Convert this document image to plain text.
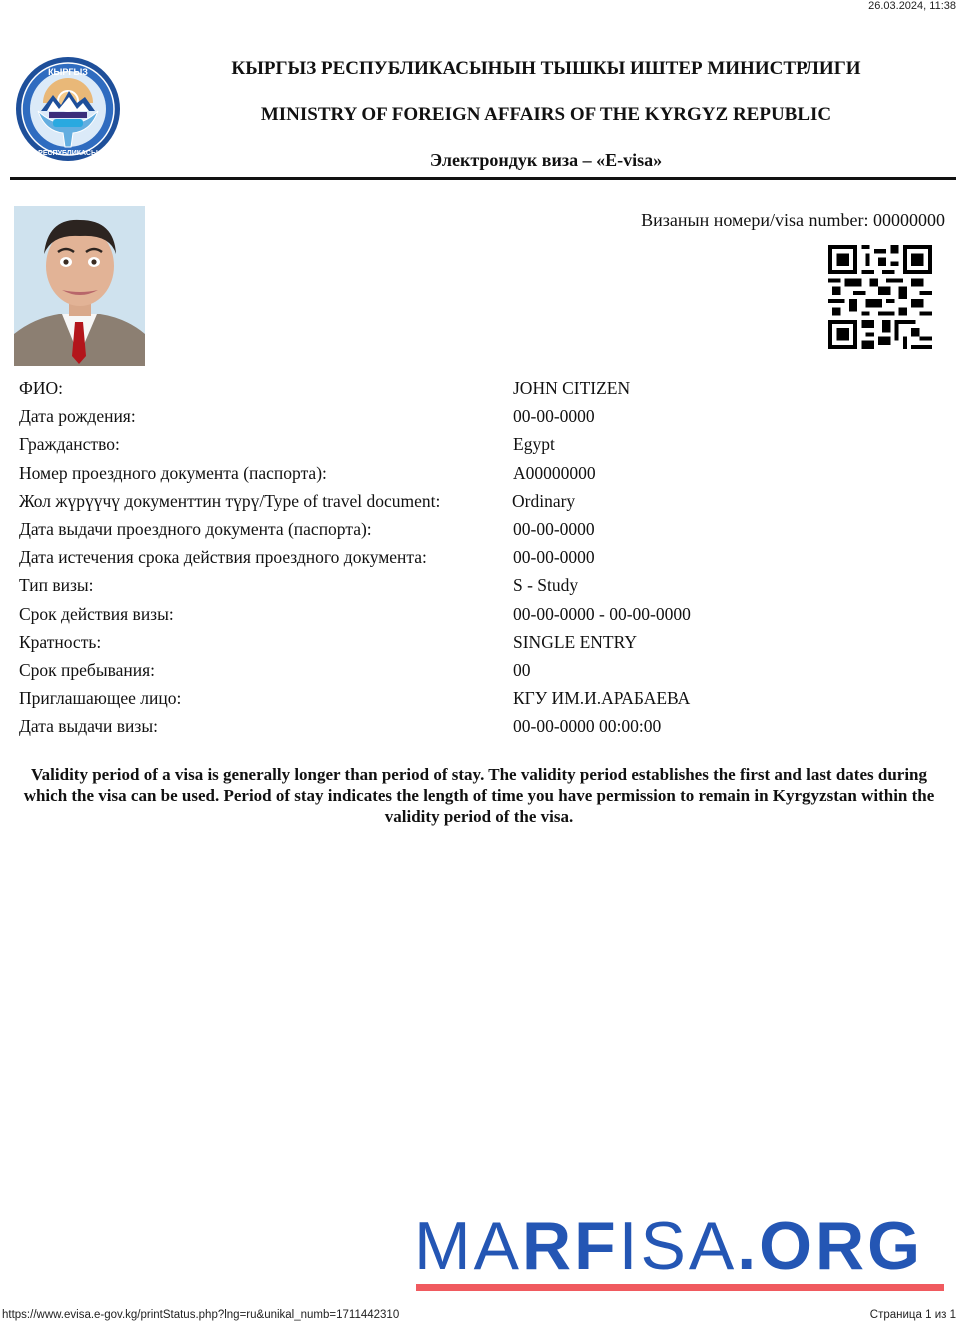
26.03.2024, 11:38
КЫРГЫЗ
РЕСПУБЛИКАСЫ
КЫРГЫЗ РЕСПУБЛИКАСЫНЫН ТЫШКЫ ИШТЕР МИНИСТРЛИГИ
MINISTRY OF FOREIGN AFFAIRS OF THE KYRGYZ REPUBLIC
Электрондук виза – «E-visa»
Визанын номери/visa number: 00000000
ФИО:	JOHN CITIZEN
Дата рождения:	00-00-0000
Гражданство:	Egypt
Номер проездного документа (паспорта):	A00000000
Жол жүрүүчү документтин түрү/Type of travel document:	Ordinary
Дата выдачи проездного документа (паспорта):	00-00-0000
Дата истечения срока действия проездного документа:	00-00-0000
Тип визы:	S - Study
Срок действия визы:	00-00-0000 - 00-00-0000
Кратность:	SINGLE ENTRY
Срок пребывания:	00
Приглашающее лицо:	КГУ ИМ.И.АРАБАЕВА
Дата выдачи визы:	00-00-0000 00:00:00
Validity period of a visa is generally longer than period of stay. The validity period establishes the first and last dates during which the visa can be used. Period of stay indicates the length of time you have permission to remain in Kyrgyzstan within the validity period of the visa.
MARFISA.ORG
https://www.evisa.e-gov.kg/printStatus.php?lng=ru&unikal_numb=1711442310	Страница 1 из 1
